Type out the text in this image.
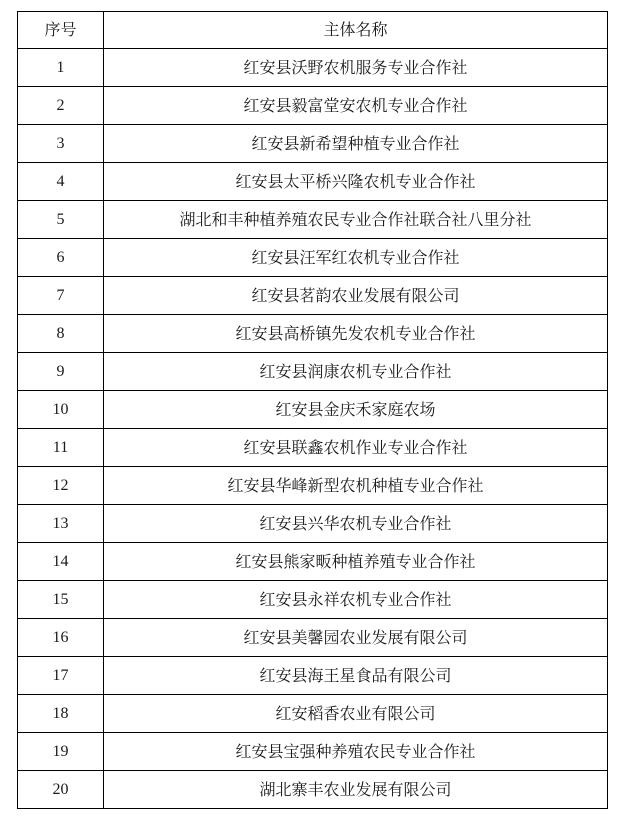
序号	主体名称
1	红安县沃野农机服务专业合作社
2	红安县毅富堂安农机专业合作社
3	红安县新希望种植专业合作社
4	红安县太平桥兴隆农机专业合作社
5	湖北和丰种植养殖农民专业合作社联合社八里分社
6	红安县汪军红农机专业合作社
7	红安县茗韵农业发展有限公司
8	红安县高桥镇先发农机专业合作社
9	红安县润康农机专业合作社
10	红安县金庆禾家庭农场
11	红安县联鑫农机作业专业合作社
12	红安县华峰新型农机种植专业合作社
13	红安县兴华农机专业合作社
14	红安县熊家畈种植养殖专业合作社
15	红安县永祥农机专业合作社
16	红安县美馨园农业发展有限公司
17	红安县海王星食品有限公司
18	红安稻香农业有限公司
19	红安县宝强种养殖农民专业合作社
20	湖北寨丰农业发展有限公司
